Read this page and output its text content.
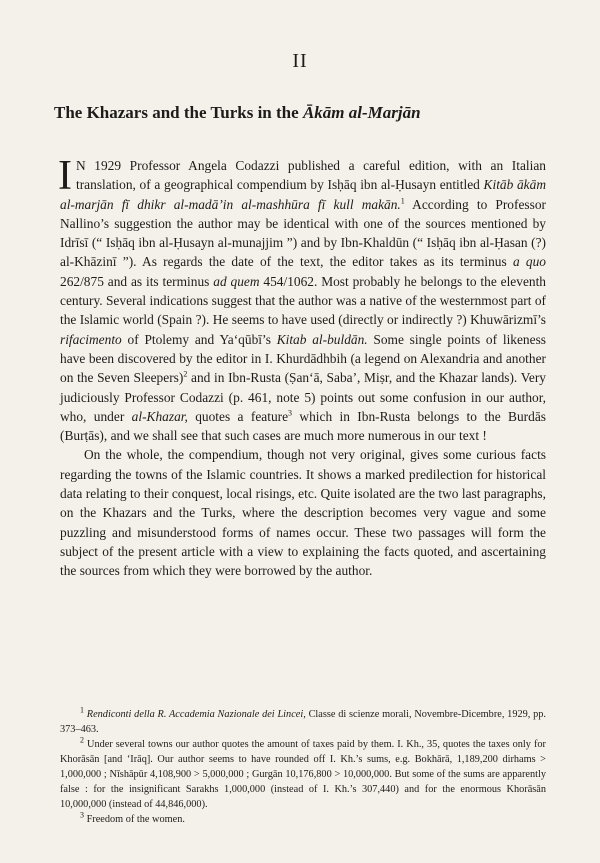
II
The Khazars and the Turks in the Ākām al-Marjān

I N 1929 Professor Angela Codazzi published a careful edition, with an Italian translation, of a geographical compendium by Isḥāq ibn al-Ḥusayn entitled Kitāb ākām al-marjān fī dhikr al-madā’in al-mashhūra fī kull makān.$^1$ According to Professor Nallino’s suggestion the author may be identical with one of the sources mentioned by Idrīsī (“ Isḥāq ibn al-Ḥusayn al-munajjim ”) and by Ibn-Khaldūn (“ Isḥāq ibn al-Ḥasan (?) al-Khāzinī ”). As regards the date of the text, the editor takes as its terminus a quo 262/875 and as its terminus ad quem 454/1062. Most probably he belongs to the eleventh century. Several indications suggest that the author was a native of the westernmost part of the Islamic world (Spain ?). He seems to have used (directly or indirectly ?) Khuwārizmī’s rifacimento of Ptolemy and Ya‘qūbī’s Kitab al-buldān. Some single points of likeness have been discovered by the editor in I. Khurdādhbih (a legend on Alexandria and another on the Seven Sleepers)$^2$ and in Ibn-Rusta (Ṣan‘ā, Saba’, Miṣr, and the Khazar lands). Very judiciously Professor Codazzi (p. 461, note 5) points out some confusion in our author, who, under al-Khazar, quotes a feature$^3$ which in Ibn-Rusta belongs to the Burdās (Burṭās), and we shall see that such cases are much more numerous in our text !

On the whole, the compendium, though not very original, gives some curious facts regarding the towns of the Islamic countries. It shows a marked predilection for historical data relating to their conquest, local risings, etc. Quite isolated are the two last paragraphs, on the Khazars and the Turks, where the description becomes very vague and some puzzling and misunderstood forms of names occur. These two passages will form the subject of the present article with a view to explaining the facts quoted, and ascertaining the sources from which they were borrowed by the author.

$^1$ Rendiconti della R. Accademia Nazionale dei Lincei, Classe di scienze morali, Novembre-Dicembre, 1929, pp. 373–463.

$^2$ Under several towns our author quotes the amount of taxes paid by them. I. Kh., 35, quotes the taxes only for Khorāsān [and ‘Irāq]. Our author seems to have rounded off I. Kh.’s sums, e.g. Bokhārā, 1,189,200 dirhams > 1,000,000 ; Nīshāpūr 4,108,900 > 5,000,000 ; Gurgān 10,176,800 > 10,000,000. But some of the sums are apparently false : for the insignificant Sarakhs 1,000,000 (instead of I. Kh.’s 307,440) and for the enormous Khorāsān 10,000,000 (instead of 44,846,000).

$^3$ Freedom of the women.
